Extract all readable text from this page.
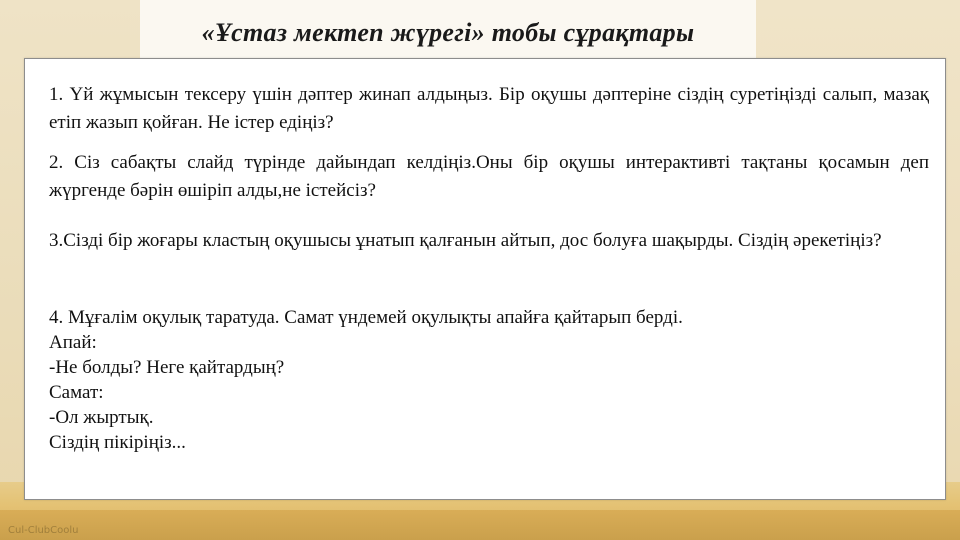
Cul-ClubCoolu
«Ұстаз мектеп жүрегі» тобы сұрақтары
1. Үй жұмысын тексеру үшін дәптер жинап алдыңыз. Бір оқушы дәптеріне сіздің суретіңізді салып, мазақ етіп жазып қойған. Не істер едіңіз?
2. Сіз сабақты слайд түрінде дайындап келдіңіз.Оны бір оқушы интерактивті тақтаны қосамын деп жүргенде бәрін өшіріп алды,не істейсіз?
3.Сізді бір жоғары кластың оқушысы ұнатып қалғанын айтып, дос болуға шақырды. Сіздің әрекетіңіз?
4. Мұғалім оқулық таратуда. Самат үндемей оқулықты апайға қайтарып берді.
Апай:
-Не болды? Неге қайтардың?
Самат:
-Ол жыртық.
Сіздің пікіріңіз...
